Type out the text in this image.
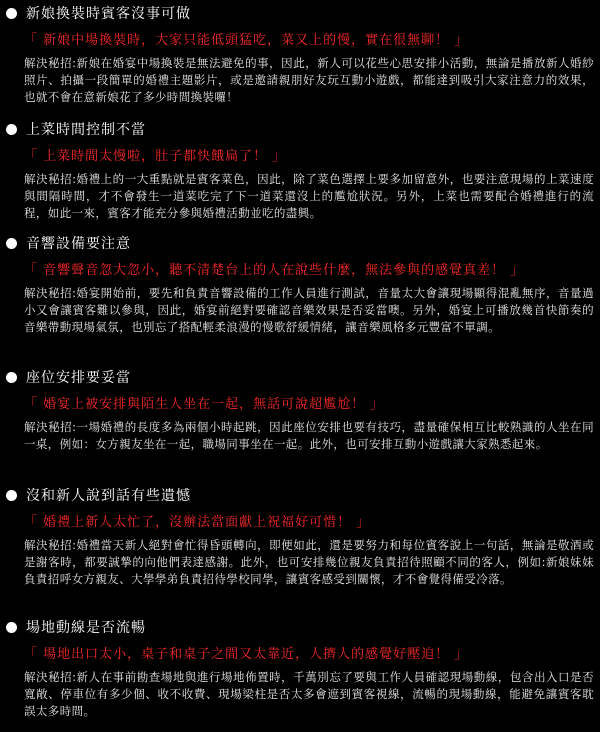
新娘換裝時賓客沒事可做
「 新娘中場換裝時，大家只能低頭猛吃，菜又上的慢，實在很無聊！ 」
解決秘招:新娘在婚宴中場換裝是無法避免的事，因此，新人可以花些心思安排小活動，無論是播放新人婚紗照片、拍攝一段簡單的婚禮主題影片，或是邀請親朋好友玩互動小遊戲，都能達到吸引大家注意力的效果，也就不會在意新娘花了多少時間換裝囉！
上菜時間控制不當
「 上菜時間太慢啦，肚子都快餓扁了！ 」
解決秘招:婚禮上的一大重點就是賓客菜色，因此，除了菜色選擇上要多加留意外，也要注意現場的上菜速度與間隔時間，才不會發生一道菜吃完了下一道菜還沒上的尷尬狀況。另外，上菜也需要配合婚禮進行的流程，如此一來，賓客才能充分參與婚禮活動並吃的盡興。
音響設備要注意
「 音響聲音忽大忽小，聽不清楚台上的人在說些什麼，無法參與的感覺真差！ 」
解決秘招:婚宴開始前，要先和負責音響設備的工作人員進行測試，音量太大會讓現場顯得混亂無序，音量過小又會讓賓客難以參與，因此，婚宴前絕對要確認音樂效果是否妥當噢。另外，婚宴上可播放幾首快節奏的音樂帶動現場氣氛，也別忘了搭配輕柔浪漫的慢歌舒緩情緒，讓音樂風格多元豐富不單調。
座位安排要妥當
「 婚宴上被安排與陌生人坐在一起，無話可說超尷尬！ 」
解決秘招:一場婚禮的長度多為兩個小時起跳，因此座位安排也要有技巧，盡量確保相互比較熟識的人坐在同一桌，例如：女方親友坐在一起，職場同事坐在一起。此外，也可安排互動小遊戲讓大家熟悉起來。
沒和新人說到話有些遺憾
「 婚禮上新人太忙了，沒辦法當面獻上祝福好可惜！ 」
解決秘招:婚禮當天新人絕對會忙得昏頭轉向，即便如此，還是要努力和每位賓客說上一句話，無論是敬酒或是謝客時，都要誠摯的向他們表達感謝。此外，也可安排幾位親友負責招待照顧不同的客人，例如:新娘妹妹負責招呼女方親友、大學學弟負責招待學校同學，讓賓客感受到關懷，才不會覺得備受冷落。
場地動線是否流暢
「 場地出口太小，桌子和桌子之間又太靠近，人擠人的感覺好壓迫！ 」
解決秘招:新人在事前勘查場地與進行場地佈置時，千萬別忘了要與工作人員確認現場動線，包含出入口是否寬敞、停車位有多少個、收不收費、現場梁柱是否太多會遮到賓客視線，流暢的現場動線，能避免讓賓客耽誤太多時間。
